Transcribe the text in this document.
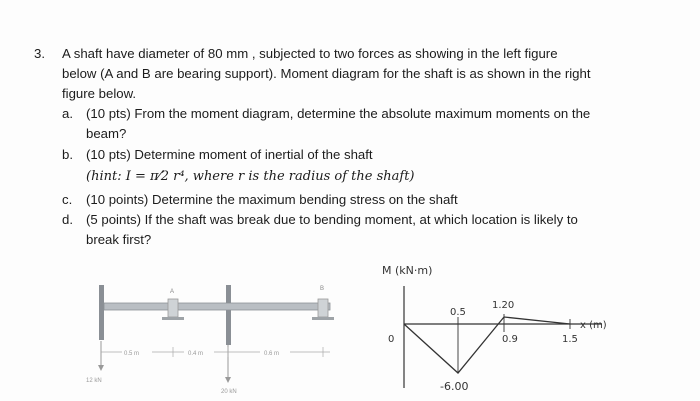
3. A shaft have diameter of 80 mm , subjected to two forces as showing in the left figure
below (A and B are bearing support). Moment diagram for the shaft is as shown in the right
figure below.
a. (10 pts) From the moment diagram, determine the absolute maximum moments on the
beam?
b. (10 pts) Determine moment of inertial of the shaft
(hint: I = π⁄2 r⁴, where r is the radius of the shaft)
c. (10 points) Determine the maximum bending stress on the shaft
d. (5 points) If the shaft was break due to bending moment, at which location is likely to
break first?
A	B
0.5 m	0.4 m	0.6 m
12 kN
20 kN
M (kN·m)
0
0.5
1.20
0.9	1.5
x (m)
-6.00
